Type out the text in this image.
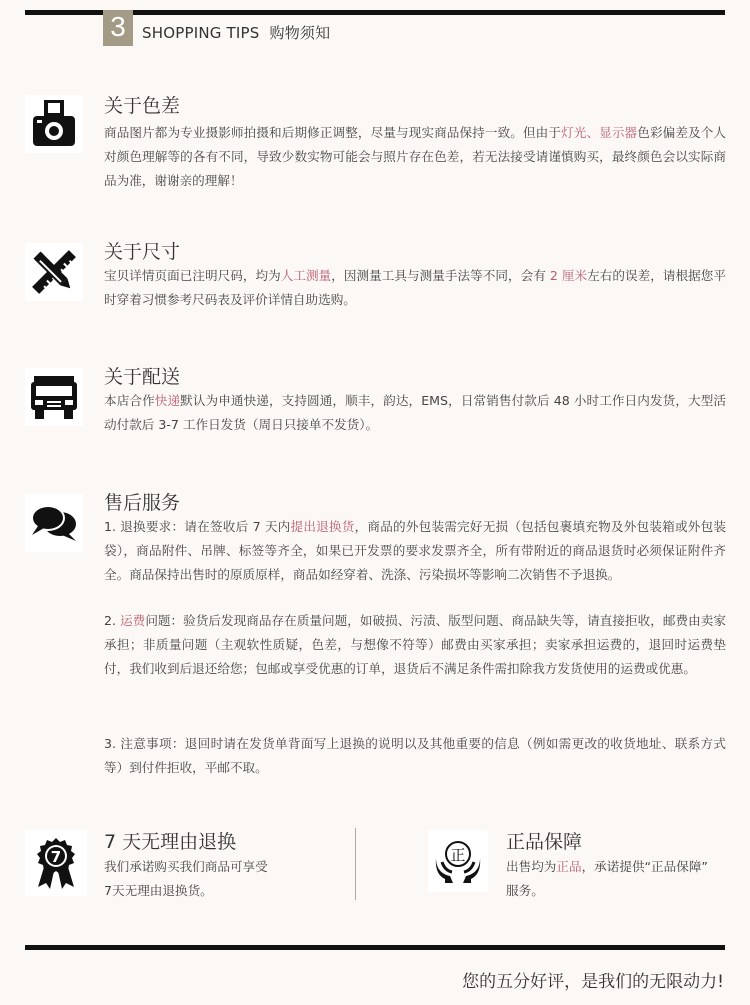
3	SHOPPING TIPS 购物须知
关于色差
商品图片都为专业摄影师拍摄和后期修正调整，尽量与现实商品保持一致。但由于灯光、显示器色彩偏差及个人对颜色理解等的各有不同，导致少数实物可能会与照片存在色差，若无法接受请谨慎购买，最终颜色会以实际商品为准，谢谢亲的理解！
关于尺寸
宝贝详情页面已注明尺码，均为人工测量，因测量工具与测量手法等不同，会有 2 厘米左右的误差，请根据您平时穿着习惯参考尺码表及评价详情自助选购。
关于配送
本店合作快递默认为申通快递，支持圆通，顺丰，韵达，EMS，日常销售付款后 48 小时工作日内发货，大型活动付款后 3-7 工作日发货（周日只接单不发货）。
售后服务
1. 退换要求：请在签收后 7 天内提出退换货，商品的外包装需完好无损（包括包裹填充物及外包装箱或外包装袋），商品附件、吊牌、标签等齐全，如果已开发票的要求发票齐全，所有带附近的商品退货时必须保证附件齐全。商品保持出售时的原质原样，商品如经穿着、洗涤、污染损坏等影响二次销售不予退换。
2. 运费问题：验货后发现商品存在质量问题，如破损、污渍、版型问题、商品缺失等，请直接拒收，邮费由卖家承担；非质量问题（主观软性质疑，色差，与想像不符等）邮费由买家承担；卖家承担运费的，退回时运费垫付，我们收到后退还给您；包邮或享受优惠的订单，退货后不满足条件需扣除我方发货使用的运费或优惠。
3. 注意事项：退回时请在发货单背面写上退换的说明以及其他重要的信息（例如需更改的收货地址、联系方式等）到付件拒收，平邮不取。
7
7 天无理由退换
我们承诺购买我们商品可享受
7天无理由退换货。
正
正品保障
出售均为正品，承诺提供“正品保障”
服务。
您的五分好评，是我们的无限动力!
